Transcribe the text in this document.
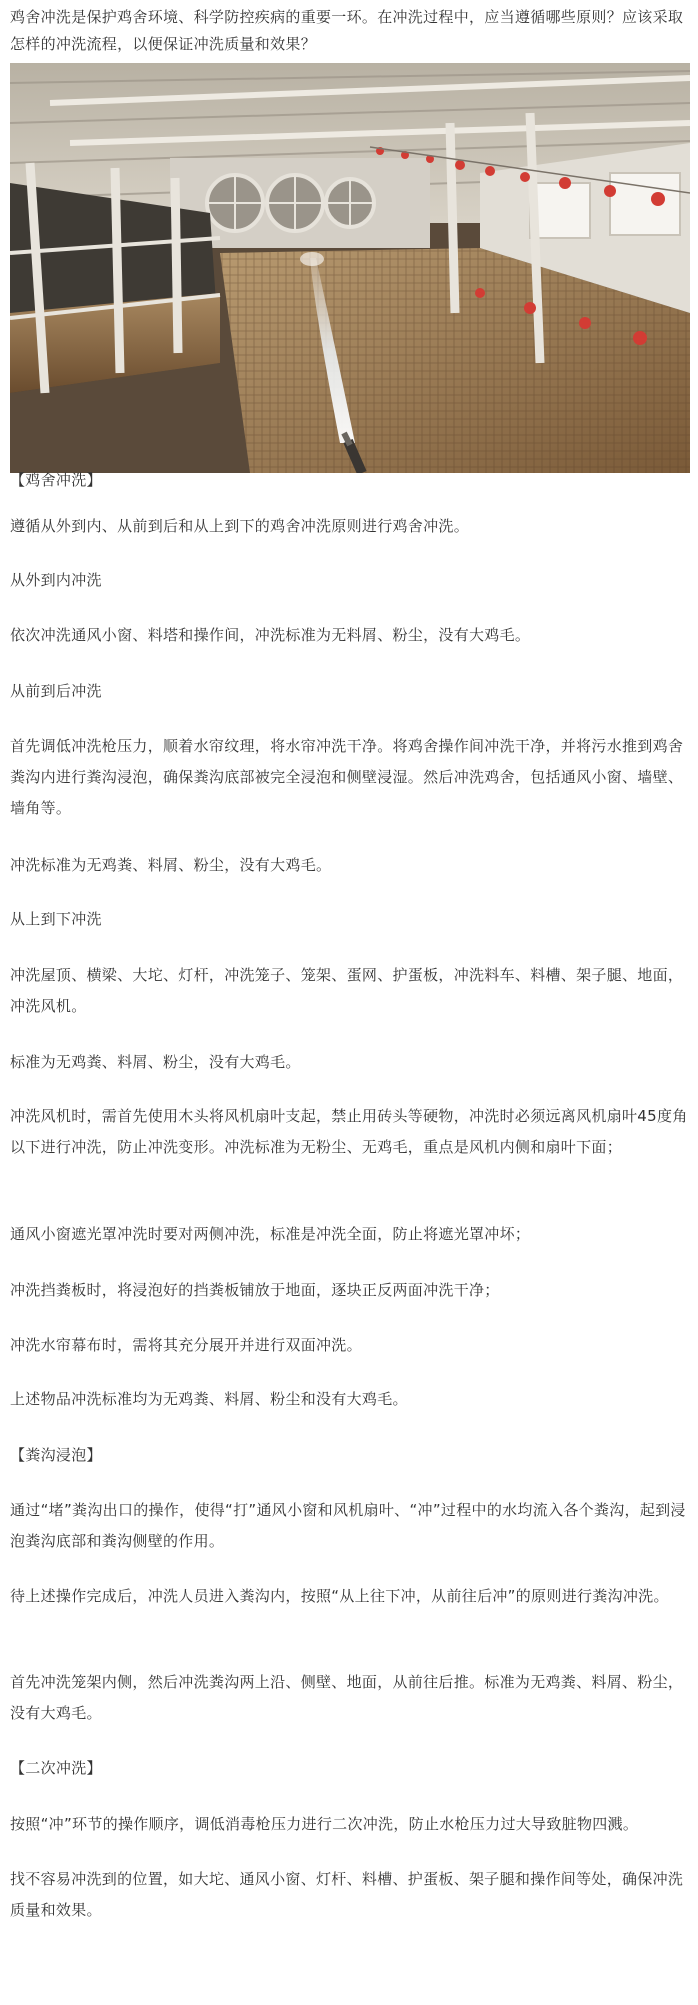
鸡舍冲洗是保护鸡舍环境、科学防控疾病的重要一环。在冲洗过程中，应当遵循哪些原则？应该采取怎样的冲洗流程，以便保证冲洗质量和效果？

【鸡舍冲洗】

遵循从外到内、从前到后和从上到下的鸡舍冲洗原则进行鸡舍冲洗。

从外到内冲洗

依次冲洗通风小窗、料塔和操作间，冲洗标准为无料屑、粉尘，没有大鸡毛。

从前到后冲洗

首先调低冲洗枪压力，顺着水帘纹理，将水帘冲洗干净。将鸡舍操作间冲洗干净，并将污水推到鸡舍粪沟内进行粪沟浸泡，确保粪沟底部被完全浸泡和侧壁浸湿。然后冲洗鸡舍，包括通风小窗、墙壁、墙角等。

冲洗标准为无鸡粪、料屑、粉尘，没有大鸡毛。

从上到下冲洗

冲洗屋顶、横梁、大坨、灯杆，冲洗笼子、笼架、蛋网、护蛋板，冲洗料车、料槽、架子腿、地面，冲洗风机。

标准为无鸡粪、料屑、粉尘，没有大鸡毛。

冲洗风机时，需首先使用木头将风机扇叶支起，禁止用砖头等硬物，冲洗时必须远离风机扇叶45度角以下进行冲洗，防止冲洗变形。冲洗标准为无粉尘、无鸡毛，重点是风机内侧和扇叶下面；

通风小窗遮光罩冲洗时要对两侧冲洗，标准是冲洗全面，防止将遮光罩冲坏；

冲洗挡粪板时，将浸泡好的挡粪板铺放于地面，逐块正反两面冲洗干净；

冲洗水帘幕布时，需将其充分展开并进行双面冲洗。

上述物品冲洗标准均为无鸡粪、料屑、粉尘和没有大鸡毛。

【粪沟浸泡】

通过“堵”粪沟出口的操作，使得“打”通风小窗和风机扇叶、“冲”过程中的水均流入各个粪沟，起到浸泡粪沟底部和粪沟侧壁的作用。

待上述操作完成后，冲洗人员进入粪沟内，按照“从上往下冲，从前往后冲”的原则进行粪沟冲洗。

首先冲洗笼架内侧，然后冲洗粪沟两上沿、侧壁、地面，从前往后推。标准为无鸡粪、料屑、粉尘，没有大鸡毛。

【二次冲洗】

按照“冲”环节的操作顺序，调低消毒枪压力进行二次冲洗，防止水枪压力过大导致脏物四溅。

找不容易冲洗到的位置，如大坨、通风小窗、灯杆、料槽、护蛋板、架子腿和操作间等处，确保冲洗质量和效果。
